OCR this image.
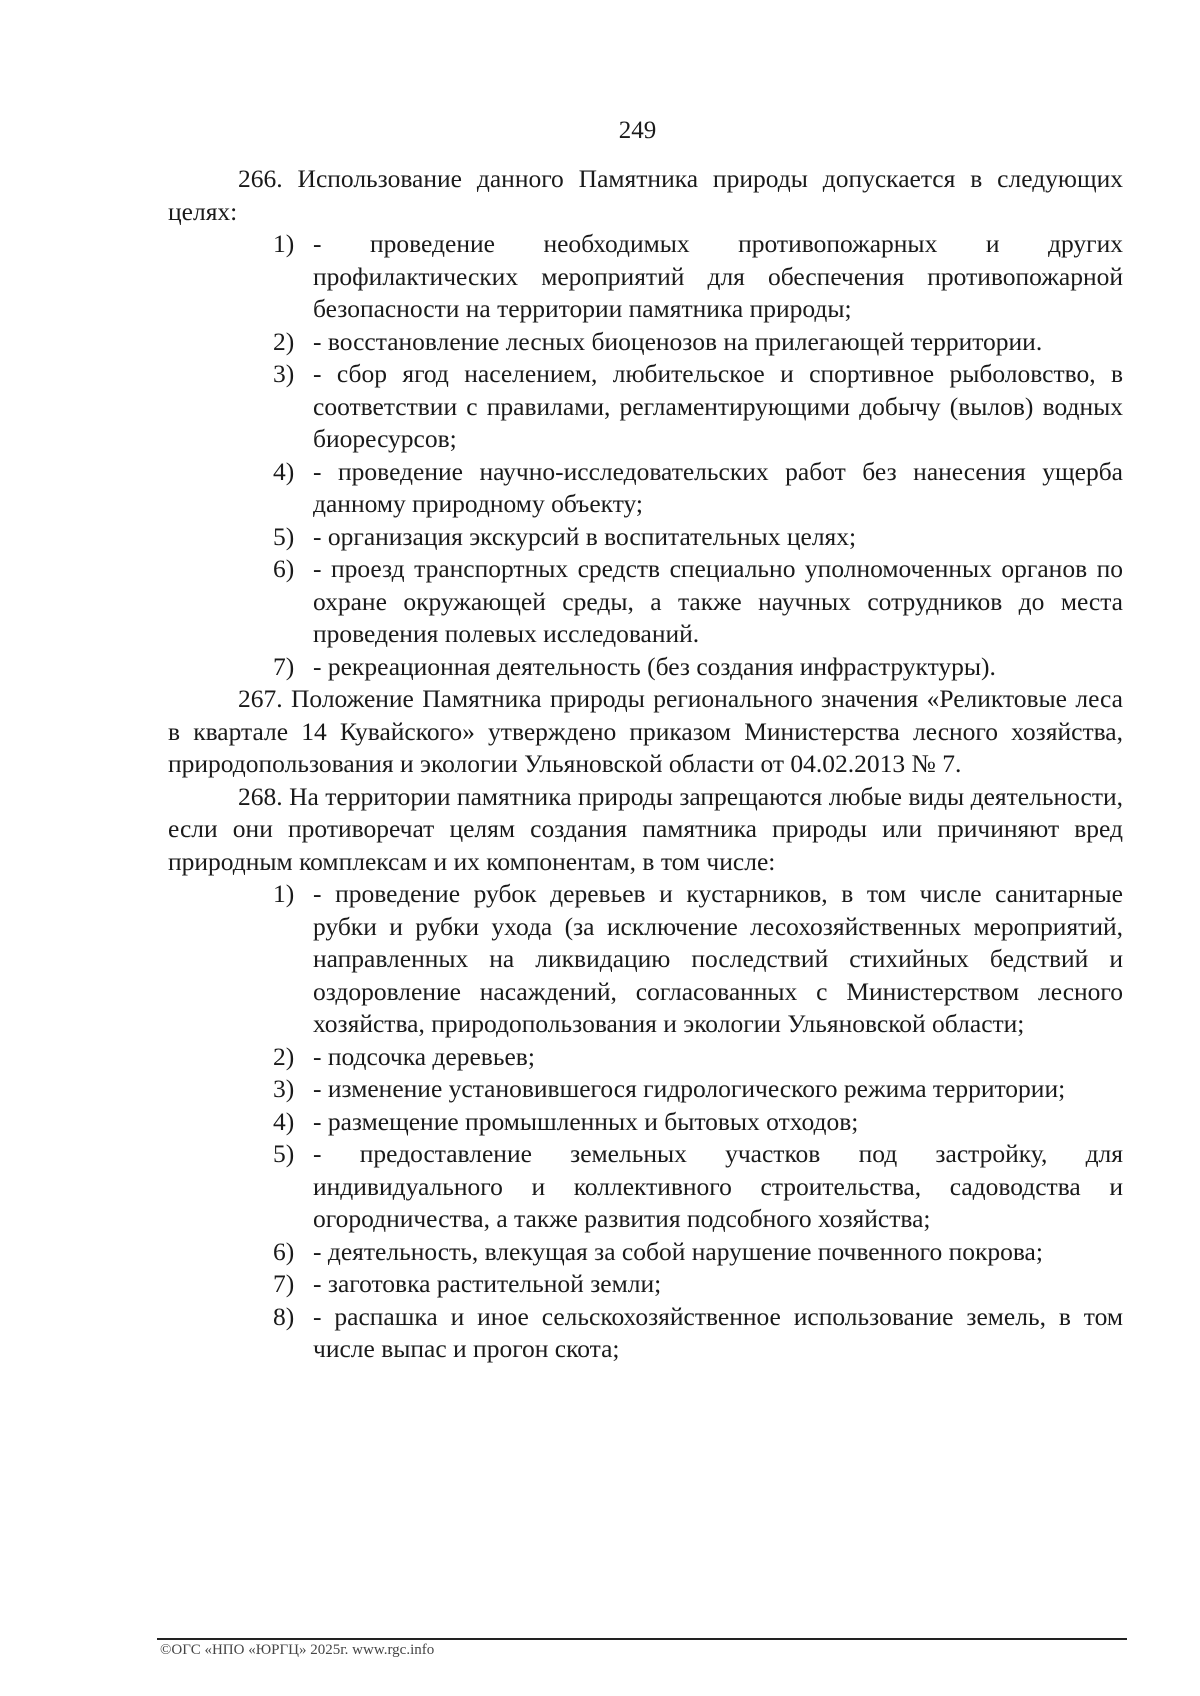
249

266. Использование данного Памятника природы допускается в следующих целях:

1) - проведение необходимых противопожарных и других профилактических мероприятий для обеспечения противопожарной безопасности на территории памятника природы;
2) - восстановление лесных биоценозов на прилегающей территории.
3) - сбор ягод населением, любительское и спортивное рыболовство, в соответствии с правилами, регламентирующими добычу (вылов) водных биоресурсов;
4) - проведение научно-исследовательских работ без нанесения ущерба данному природному объекту;
5) - организация экскурсий в воспитательных целях;
6) - проезд транспортных средств специально уполномоченных органов по охране окружающей среды, а также научных сотрудников до места проведения полевых исследований.
7) - рекреационная деятельность (без создания инфраструктуры).

267. Положение Памятника природы регионального значения «Реликтовые леса в квартале 14 Кувайского» утверждено приказом Министерства лесного хозяйства, природопользования и экологии Ульяновской области от 04.02.2013 № 7.

268. На территории памятника природы запрещаются любые виды деятельности, если они противоречат целям создания памятника природы или причиняют вред природным комплексам и их компонентам, в том числе:

1) - проведение рубок деревьев и кустарников, в том числе санитарные рубки и рубки ухода (за исключение лесохозяйственных мероприятий, направленных на ликвидацию последствий стихийных бедствий и оздоровление насаждений, согласованных с Министерством лесного хозяйства, природопользования и экологии Ульяновской области;
2) - подсочка деревьев;
3) - изменение установившегося гидрологического режима территории;
4) - размещение промышленных и бытовых отходов;
5) - предоставление земельных участков под застройку, для индивидуального и коллективного строительства, садоводства и огородничества, а также развития подсобного хозяйства;
6) - деятельность, влекущая за собой нарушение почвенного покрова;
7) - заготовка растительной земли;
8) - распашка и иное сельскохозяйственное использование земель, в том числе выпас и прогон скота;
©ОГС «НПО «ЮРГЦ» 2025г. www.rgc.info
